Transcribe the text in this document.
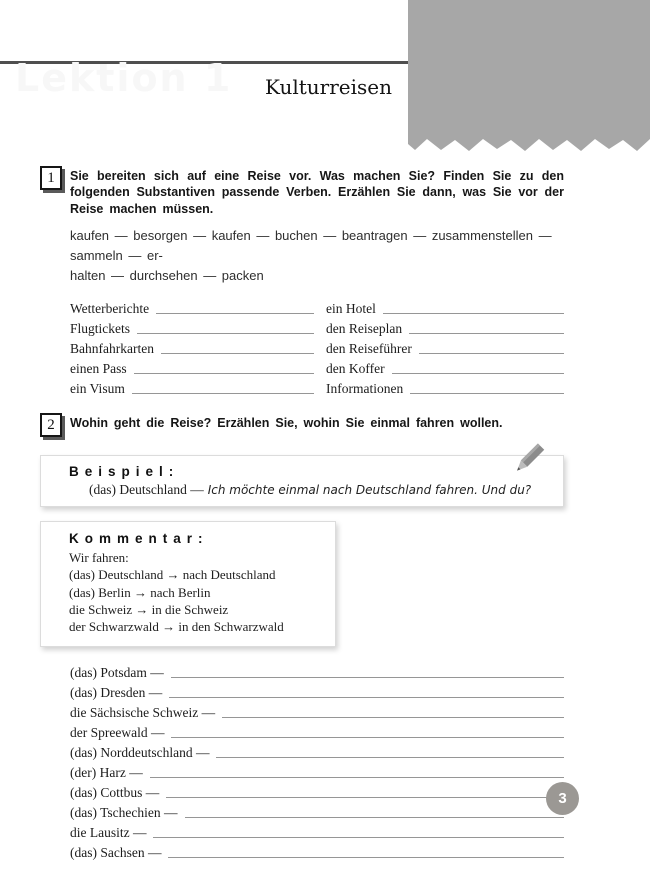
Kulturreisen
Lektion 1
1	Sie bereiten sich auf eine Reise vor. Was machen Sie? Finden Sie zu den folgenden Substantiven passende Verben. Erzählen Sie dann, was Sie vor der Reise machen müssen.

kaufen — besorgen — kaufen — buchen — beantragen — zusammenstellen — sammeln — er-
halten — durchsehen — packen
Wetterberichte	ein Hotel
Flugtickets	den Reiseplan
Bahnfahrkarten	den Reiseführer
einen Pass	den Koffer
ein Visum	Informationen
2	Wohin geht die Reise? Erzählen Sie, wohin Sie einmal fahren wollen.

Beispiel:
(das) Deutschland — Ich möchte einmal nach Deutschland fahren. Und du?
Kommentar:
Wir fahren:
(das) Deutschland → nach Deutschland
(das) Berlin → nach Berlin
die Schweiz → in die Schweiz
der Schwarzwald → in den Schwarzwald
(das) Potsdam —
(das) Dresden —
die Sächsische Schweiz —
der Spreewald —
(das) Norddeutschland —
(der) Harz —
(das) Cottbus —
(das) Tschechien —
die Lausitz —
(das) Sachsen —
3
